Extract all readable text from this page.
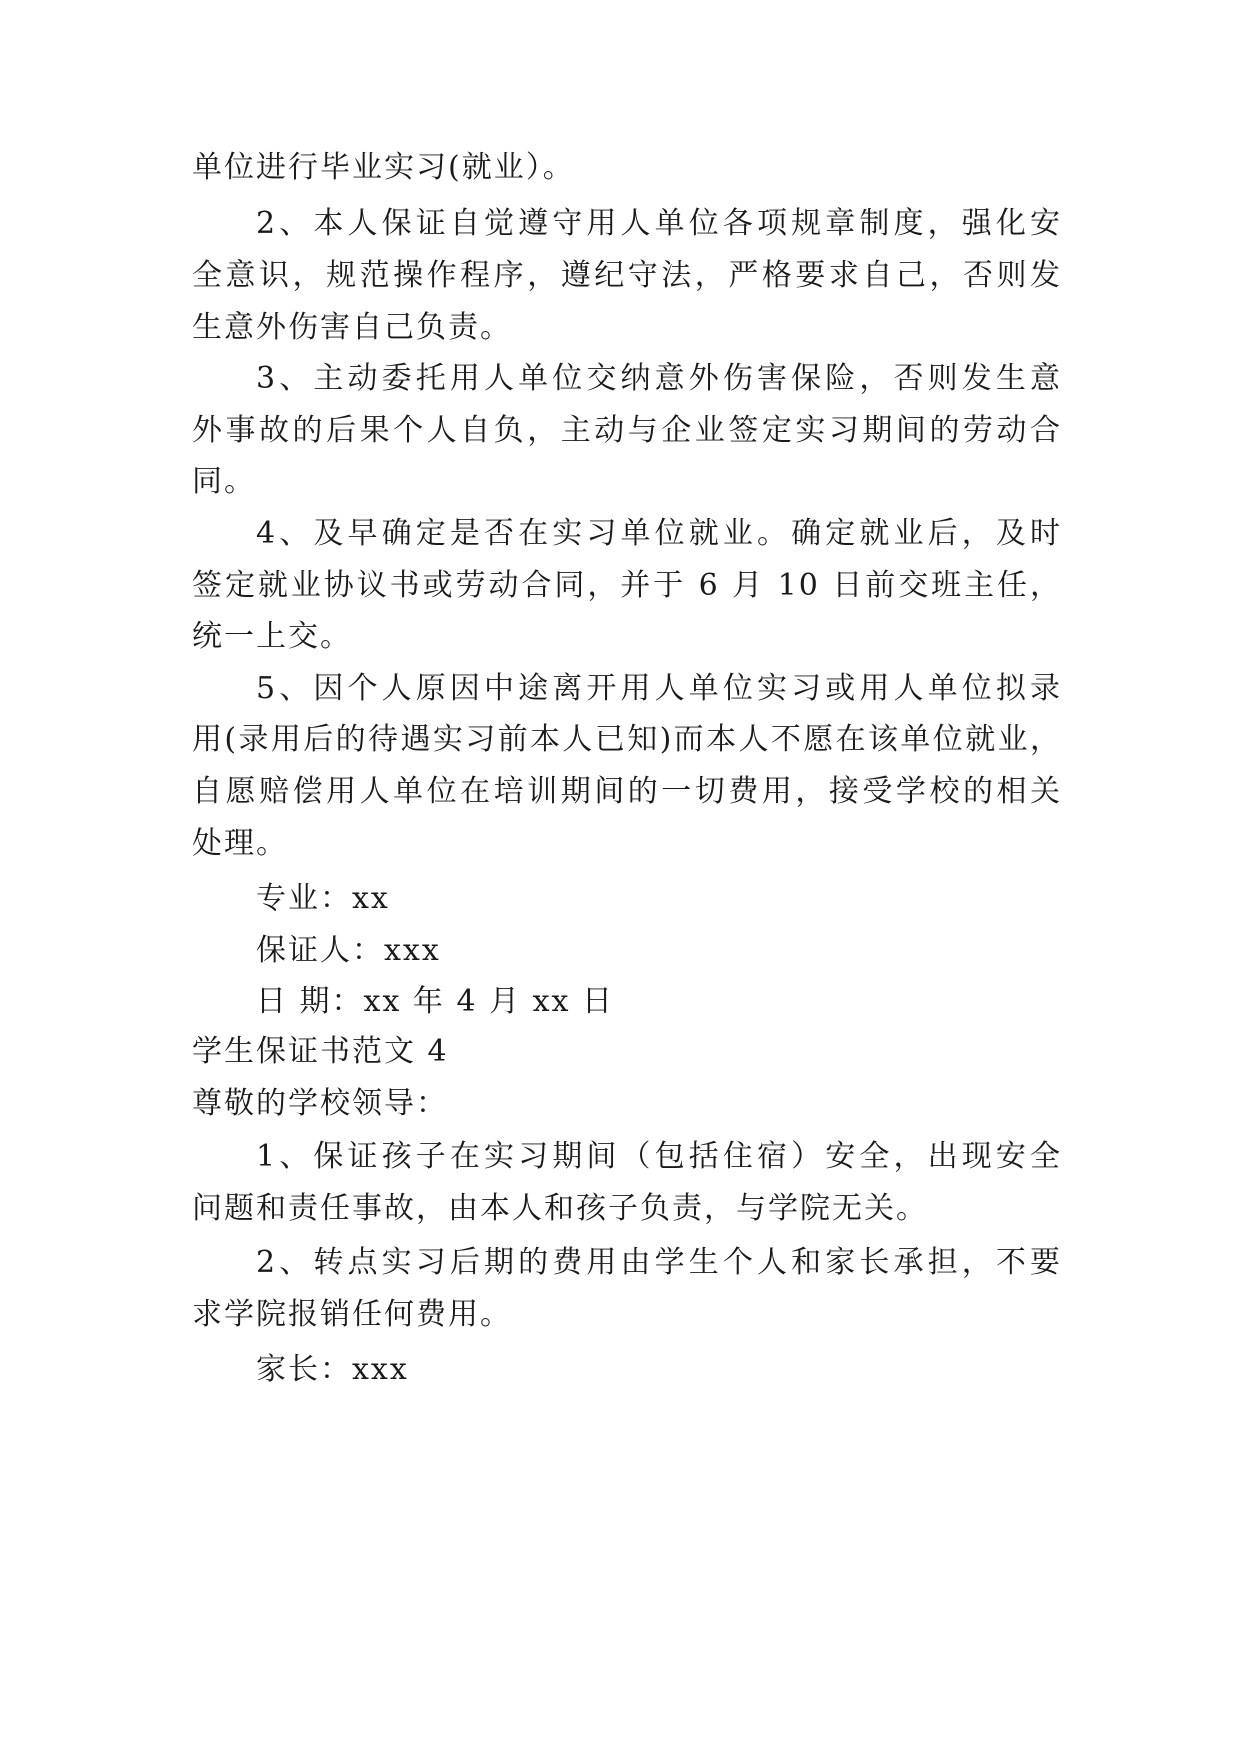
单位进行毕业实习(就业）。
2、本人保证自觉遵守用人单位各项规章制度，强化安
全意识，规范操作程序，遵纪守法，严格要求自己，否则发
生意外伤害自己负责。
3、主动委托用人单位交纳意外伤害保险，否则发生意
外事故的后果个人自负，主动与企业签定实习期间的劳动合
同。
4、及早确定是否在实习单位就业。确定就业后，及时
签定就业协议书或劳动合同，并于 6 月 10 日前交班主任，
统一上交。
5、因个人原因中途离开用人单位实习或用人单位拟录
用(录用后的待遇实习前本人已知)而本人不愿在该单位就业，
自愿赔偿用人单位在培训期间的一切费用，接受学校的相关
处理。
专业：xx
保证人：xxx
日 期：xx 年 4 月 xx 日
学生保证书范文 4
尊敬的学校领导：
1、保证孩子在实习期间（包括住宿）安全，出现安全
问题和责任事故，由本人和孩子负责，与学院无关。
2、转点实习后期的费用由学生个人和家长承担，不要
求学院报销任何费用。
家长：xxx
